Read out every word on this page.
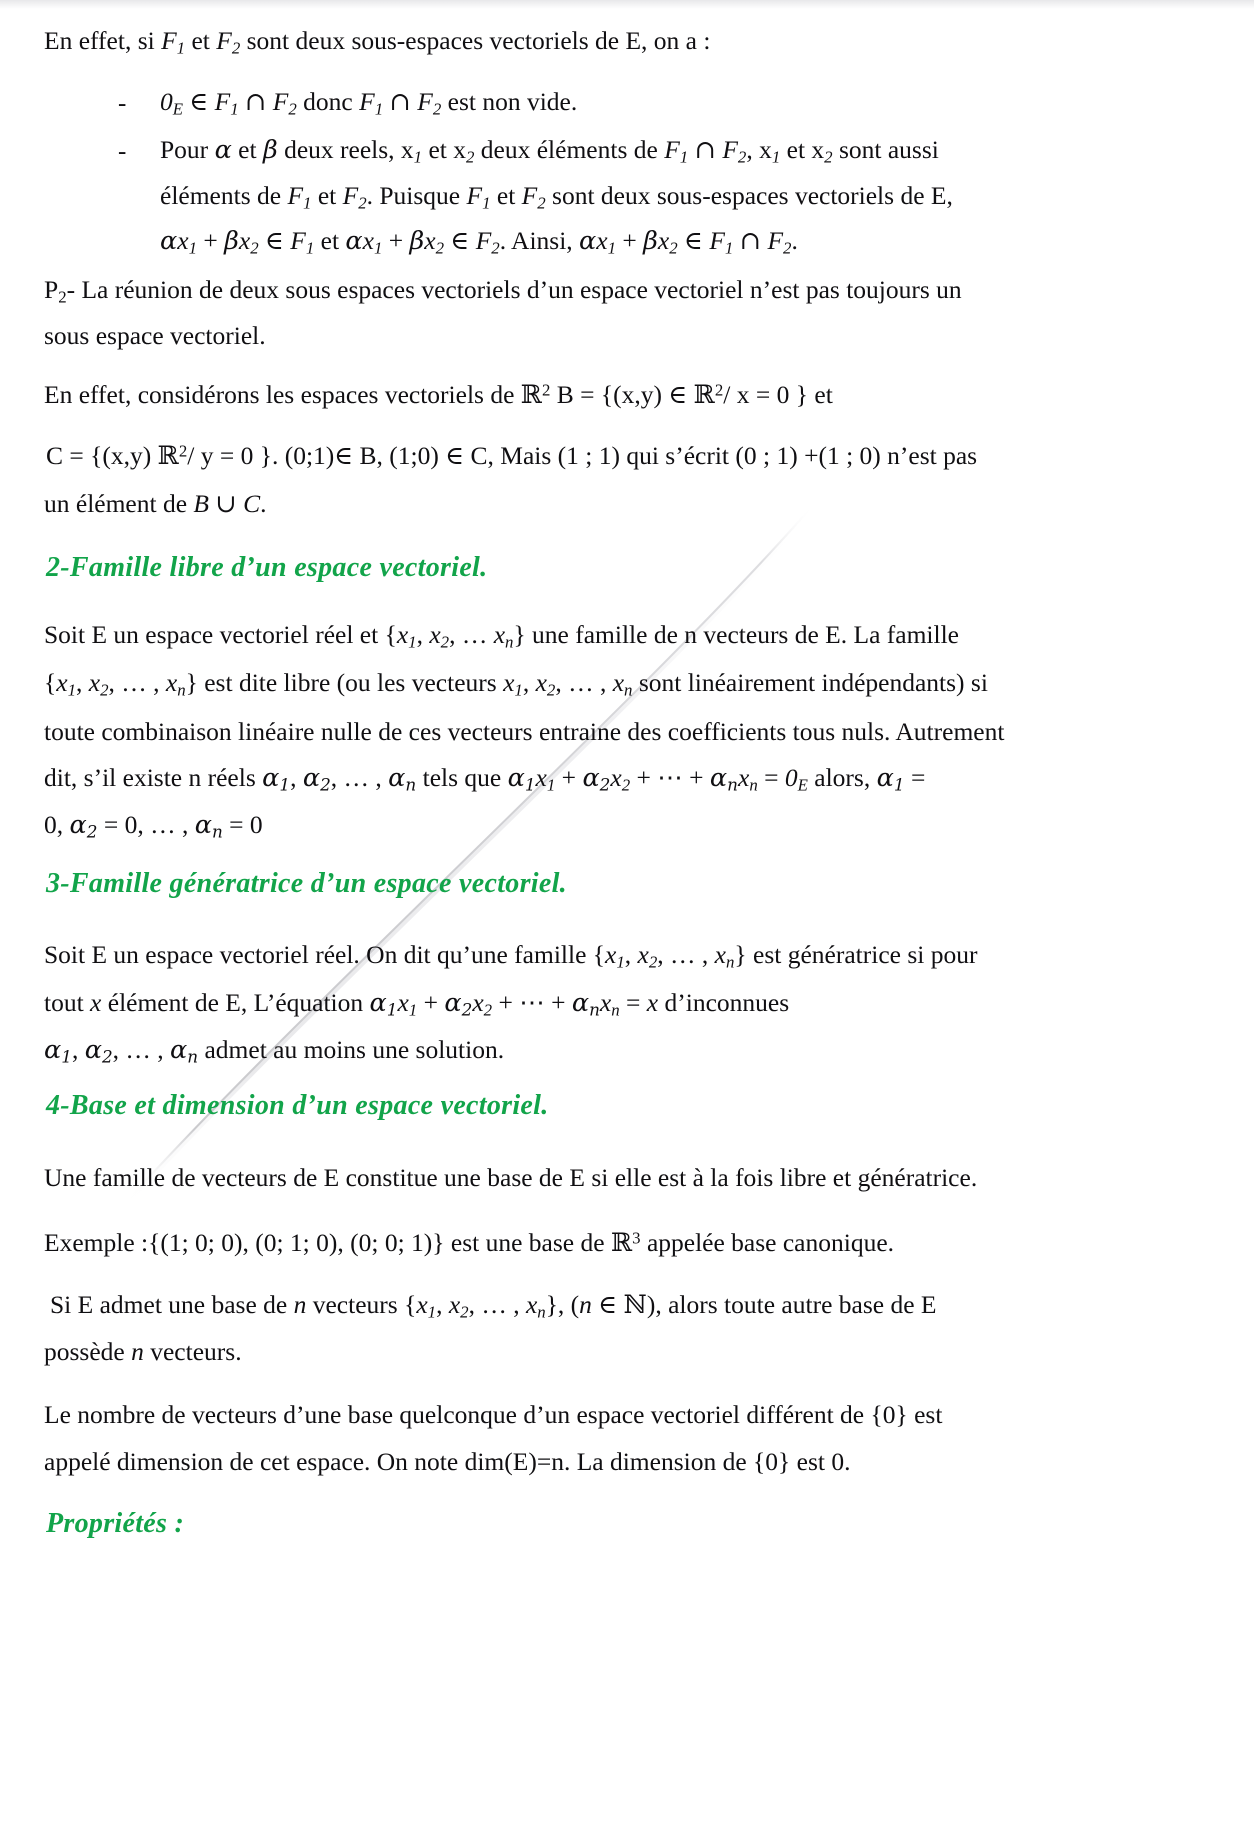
En effet, si $F_1$ et $F_2$ sont deux sous-espaces vectoriels de E, on a :
- $0_E$ ∈ $F_1$ ∩ $F_2$ donc $F_1$ ∩ $F_2$ est non vide.
- Pour α et β deux reels, $x_1$ et $x_2$ deux éléments de $F_1$ ∩ $F_2$, $x_1$ et $x_2$ sont aussi
éléments de $F_1$ et $F_2$. Puisque $F_1$ et $F_2$ sont deux sous-espaces vectoriels de E,
$\alpha x_1 + \beta x_2$ ∈ $F_1$ et $\alpha x_1 + \beta x_2$ ∈ $F_2$. Ainsi, $\alpha x_1 + \beta x_2$ ∈ $F_1$ ∩ $F_2$.
$P_2-$ La réunion de deux sous espaces vectoriels d’un espace vectoriel n’est pas toujours un
sous espace vectoriel.
En effet, considérons les espaces vectoriels de ℝ$^2$ B = {(x,y) ∈ ℝ$^2$/ x = 0 } et
C = {(x,y) ℝ$^2$/ y = 0 }. (0;1)∈ B, (1;0) ∈ C, Mais (1 ; 1) qui s’écrit (0 ; 1) +(1 ; 0) n’est pas
un élément de B ∪ C.
2-Famille libre d’un espace vectoriel.
Soit E un espace vectoriel réel et {$x_1$, $x_2$, … $x_n$} une famille de n vecteurs de E. La famille
{$x_1$, $x_2$, … , $x_n$} est dite libre (ou les vecteurs $x_1$, $x_2$, … , $x_n$ sont linéairement indépendants) si
toute combinaison linéaire nulle de ces vecteurs entraine des coefficients tous nuls. Autrement
dit, s’il existe n réels $\alpha_1$, $\alpha_2$, … , $\alpha_n$ tels que $\alpha_1x_1 + \alpha_2x_2$ + ⋯ + $\alpha_nx_n = 0_E$ alors, $\alpha_1$ =
0, $\alpha_2 = 0$, … , $\alpha_n = 0$
3-Famille génératrice d’un espace vectoriel.
Soit E un espace vectoriel réel. On dit qu’une famille {$x_1$, $x_2$, … , $x_n$} est génératrice si pour
tout x élément de E, L’équation $\alpha_1x_1 + \alpha_2x_2$ + ⋯ + $\alpha_nx_n = x$ d’inconnues
$\alpha_1$, $\alpha_2$, … , $\alpha_n$ admet au moins une solution.
4-Base et dimension d’un espace vectoriel.
Une famille de vecteurs de E constitue une base de E si elle est à la fois libre et génératrice.
Exemple :{(1; 0; 0), (0; 1; 0), (0; 0; 1)} est une base de ℝ$^3$ appelée base canonique.
Si E admet une base de n vecteurs {$x_1$, $x_2$, … , $x_n$}, (n ∈ ℕ), alors toute autre base de E
possède n vecteurs.
Le nombre de vecteurs d’une base quelconque d’un espace vectoriel différent de {0} est
appelé dimension de cet espace. On note dim(E)=n. La dimension de {0} est 0.
Propriétés :
